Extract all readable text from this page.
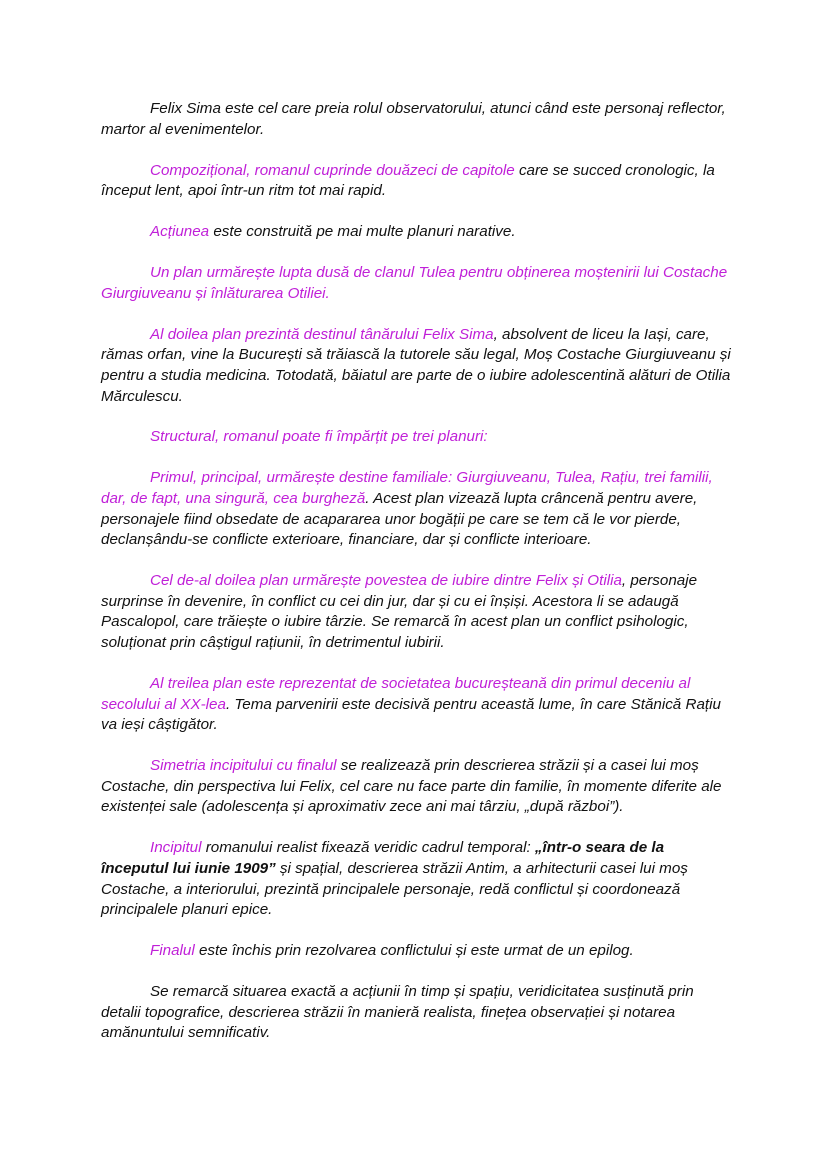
Felix Sima este cel care preia rolul observatorului, atunci când este personaj reflector, martor al evenimentelor.

Compozițional, romanul cuprinde douăzeci de capitole care se succed cronologic, la început lent, apoi într-un ritm tot mai rapid.

Acțiunea este construită pe mai multe planuri narative.

Un plan urmărește lupta dusă de clanul Tulea pentru obținerea moștenirii lui Costache Giurgiuveanu și înlăturarea Otiliei.

Al doilea plan prezintă destinul tânărului Felix Sima, absolvent de liceu la Iași, care, rămas orfan, vine la București să trăiască la tutorele său legal, Moș Costache Giurgiuveanu și pentru a studia medicina. Totodată, băiatul are parte de o iubire adolescentină alături de Otilia Mărculescu.

Structural, romanul poate fi împărțit pe trei planuri:

Primul, principal, urmărește destine familiale: Giurgiuveanu, Tulea, Rațiu, trei familii, dar, de fapt, una singură, cea burgheză. Acest plan vizează lupta crâncenă pentru avere, personajele fiind obsedate de acapararea unor bogății pe care se tem că le vor pierde, declanșându-se conflicte exterioare, financiare, dar și conflicte interioare.

Cel de-al doilea plan urmărește povestea de iubire dintre Felix și Otilia, personaje surprinse în devenire, în conflict cu cei din jur, dar și cu ei înșiși. Acestora li se adaugă Pascalopol, care trăiește o iubire târzie. Se remarcă în acest plan un conflict psihologic, soluționat prin câștigul rațiunii, în detrimentul iubirii.

Al treilea plan este reprezentat de societatea bucureșteană din primul deceniu al secolului al XX-lea. Tema parvenirii este decisivă pentru această lume, în care Stănică Rațiu va ieși câștigător.

Simetria incipitului cu finalul se realizează prin descrierea străzii și a casei lui moș Costache, din perspectiva lui Felix, cel care nu face parte din familie, în momente diferite ale existenței sale (adolescența și aproximativ zece ani mai târziu, „după război”).

Incipitul romanului realist fixează veridic cadrul temporal: „într-o seara de la începutul lui iunie 1909” și spațial, descrierea străzii Antim, a arhitecturii casei lui moș Costache, a interiorului, prezintă principalele personaje, redă conflictul și coordonează principalele planuri epice.

Finalul este închis prin rezolvarea conflictului și este urmat de un epilog.

Se remarcă situarea exactă a acțiunii în timp și spațiu, veridicitatea susținută prin detalii topografice, descrierea străzii în manieră realista, finețea observației și notarea amănuntului semnificativ.
